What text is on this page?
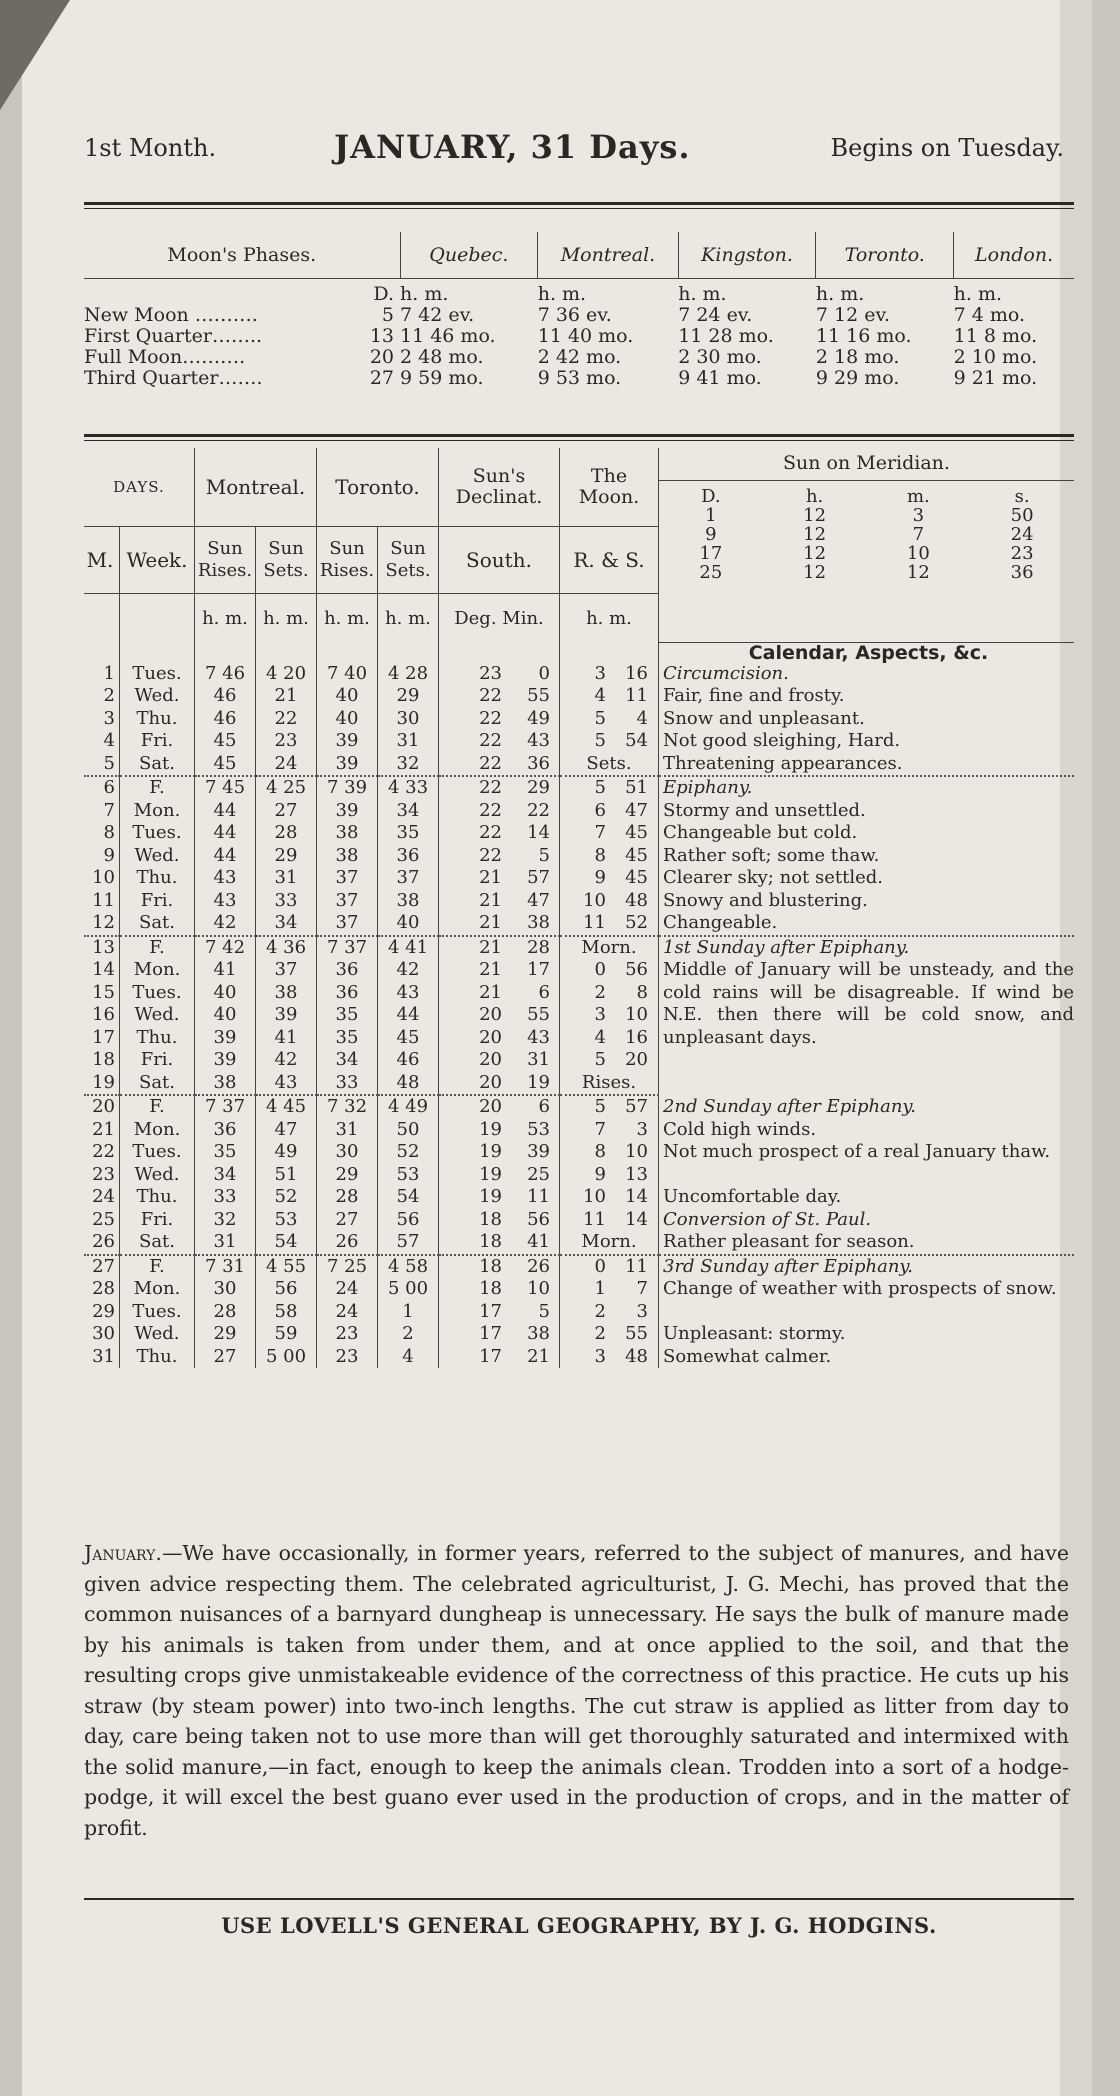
1st Month.	JANUARY, 31 Days.	Begins on Tuesday.
Moon's Phases.		Quebec.	Montreal.	Kingston.	Toronto.	London.
	D.	h. m.	h. m.	h. m.	h. m.	h. m.
New Moon ……….	5	7 42 ev.	7 36 ev.	7 24 ev.	7 12 ev.	7 4 mo.
First Quarter……..	13	11 46 mo.	11 40 mo.	11 28 mo.	11 16 mo.	11 8 mo.
Full Moon……….	20	2 48 mo.	2 42 mo.	2 30 mo.	2 18 mo.	2 10 mo.
Third Quarter…….	27	9 59 mo.	9 53 mo.	9 41 mo.	9 29 mo.	9 21 mo.
DAYS.	Montreal.	Toronto.	Sun's Declinat.	The Moon.	
Sun on Meridian.
D.	h.	m.	s.
1	12	3	50
9	12	7	24
17	12	10	23
25	12	12	36

M.	Week.	Sun Rises.	Sun Sets.	Sun Rises.	Sun Sets.	South.	R. & S.
		h. m.	h. m.	h. m.	h. m.	Deg. Min.	h. m.
								Calendar, Aspects, &c.
1	Tues.	7 46	4 20	7 40	4 28	23 0	3 16	Circumcision.
2	Wed.	46	21	40	29	22 55	4 11	Fair, fine and frosty.
3	Thu.	46	22	40	30	22 49	5 4	Snow and unpleasant.
4	Fri.	45	23	39	31	22 43	5 54	Not good sleighing, Hard.
5	Sat.	45	24	39	32	22 36	Sets.	Threatening appearances.
6	F.	7 45	4 25	7 39	4 33	22 29	5 51	Epiphany.
7	Mon.	44	27	39	34	22 22	6 47	Stormy and unsettled.
8	Tues.	44	28	38	35	22 14	7 45	Changeable but cold.
9	Wed.	44	29	38	36	22 5	8 45	Rather soft; some thaw.
10	Thu.	43	31	37	37	21 57	9 45	Clearer sky; not settled.
11	Fri.	43	33	37	38	21 47	10 48	Snowy and blustering.
12	Sat.	42	34	37	40	21 38	11 52	Changeable.
13	F.	7 42	4 36	7 37	4 41	21 28	Morn.	1st Sunday after Epiphany.
14	Mon.	41	37	36	42	21 17	0 56	Middle of January will be unsteady, and the cold rains will be disagreable. If wind be N.E. then there will be cold snow, and unpleasant days.
15	Tues.	40	38	36	43	21 6	2 8
16	Wed.	40	39	35	44	20 55	3 10
17	Thu.	39	41	35	45	20 43	4 16
18	Fri.	39	42	34	46	20 31	5 20
19	Sat.	38	43	33	48	20 19	Rises.
20	F.	7 37	4 45	7 32	4 49	20 6	5 57	2nd Sunday after Epiphany.
21	Mon.	36	47	31	50	19 53	7 3	Cold high winds.
22	Tues.	35	49	30	52	19 39	8 10	Not much prospect of a real January thaw.
23	Wed.	34	51	29	53	19 25	9 13
24	Thu.	33	52	28	54	19 11	10 14	Uncomfortable day.
25	Fri.	32	53	27	56	18 56	11 14	Conversion of St. Paul.
26	Sat.	31	54	26	57	18 41	Morn.	Rather pleasant for season.
27	F.	7 31	4 55	7 25	4 58	18 26	0 11	3rd Sunday after Epiphany.
28	Mon.	30	56	24	5 00	18 10	1 7	Change of weather with prospects of snow.
29	Tues.	28	58	24	1	17 5	2 3
30	Wed.	29	59	23	2	17 38	2 55	Unpleasant: stormy.
31	Thu.	27	5 00	23	4	17 21	3 48	Somewhat calmer.
January.—We have occasionally, in former years, referred to the subject of manures, and have given advice respecting them. The celebrated agriculturist, J. G. Mechi, has proved that the common nuisances of a barnyard dungheap is unnecessary. He says the bulk of manure made by his animals is taken from under them, and at once applied to the soil, and that the resulting crops give unmistakeable evidence of the correctness of this practice. He cuts up his straw (by steam power) into two-inch lengths. The cut straw is applied as litter from day to day, care being taken not to use more than will get thoroughly saturated and intermixed with the solid manure,—in fact, enough to keep the animals clean. Trodden into a sort of a hodge-podge, it will excel the best guano ever used in the production of crops, and in the matter of profit.
USE LOVELL'S GENERAL GEOGRAPHY, BY J. G. HODGINS.
